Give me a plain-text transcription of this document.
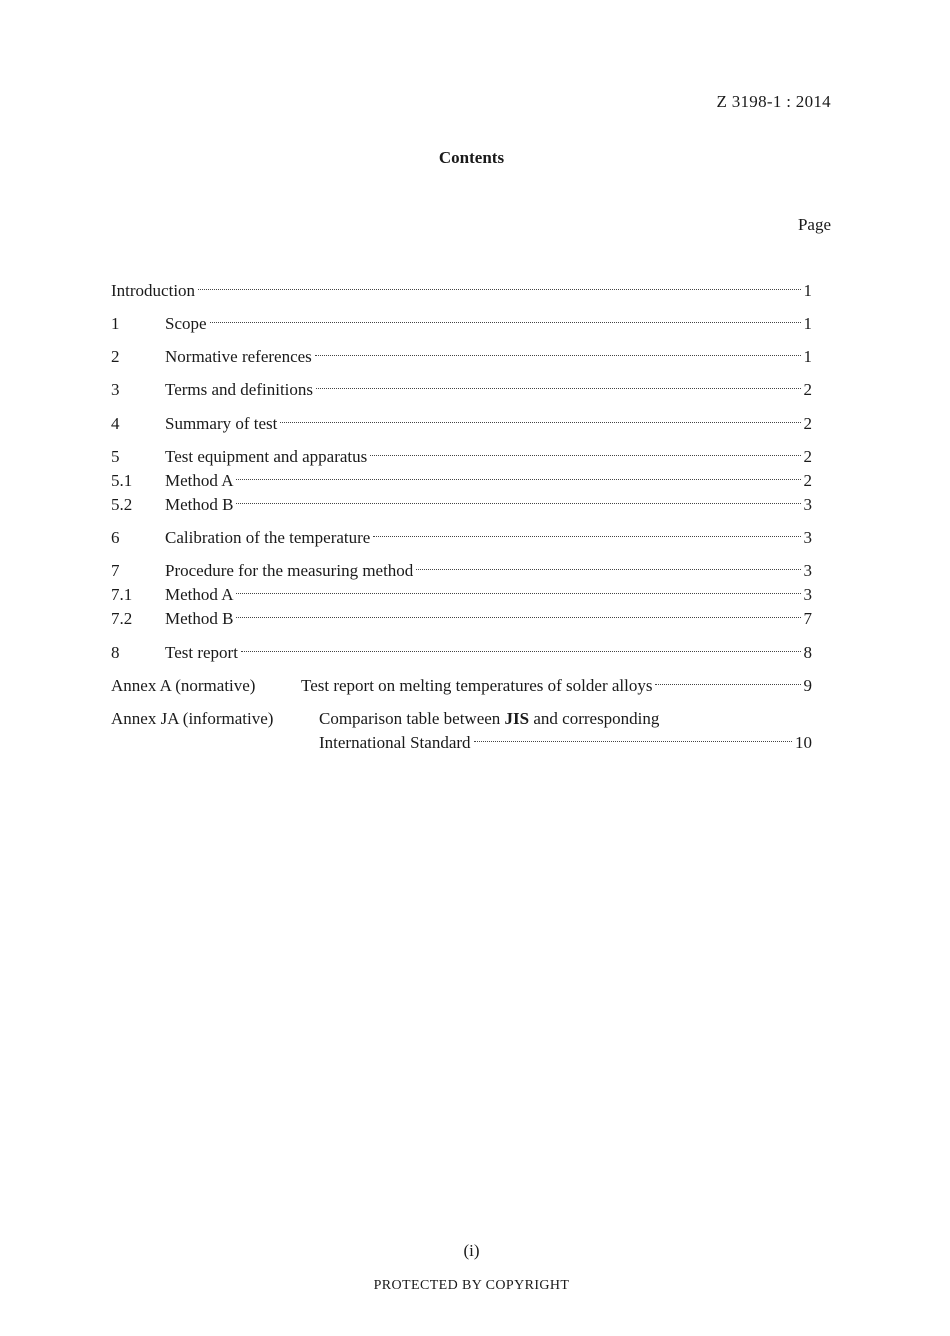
Z 3198-1 : 2014
Contents
Page
Introduction	1
1	Scope	1
2	Normative references	1
3	Terms and definitions	2
4	Summary of test	2
5	Test equipment and apparatus	2
5.1	Method A	2
5.2	Method B	3
6	Calibration of the temperature	3
7	Procedure for the measuring method	3
7.1	Method A	3
7.2	Method B	7
8	Test report	8
Annex A (normative)	Test report on melting temperatures of solder alloys	9
Annex JA (informative)	Comparison table between JIS and corresponding
International Standard	10
(i)
PROTECTED BY COPYRIGHT
